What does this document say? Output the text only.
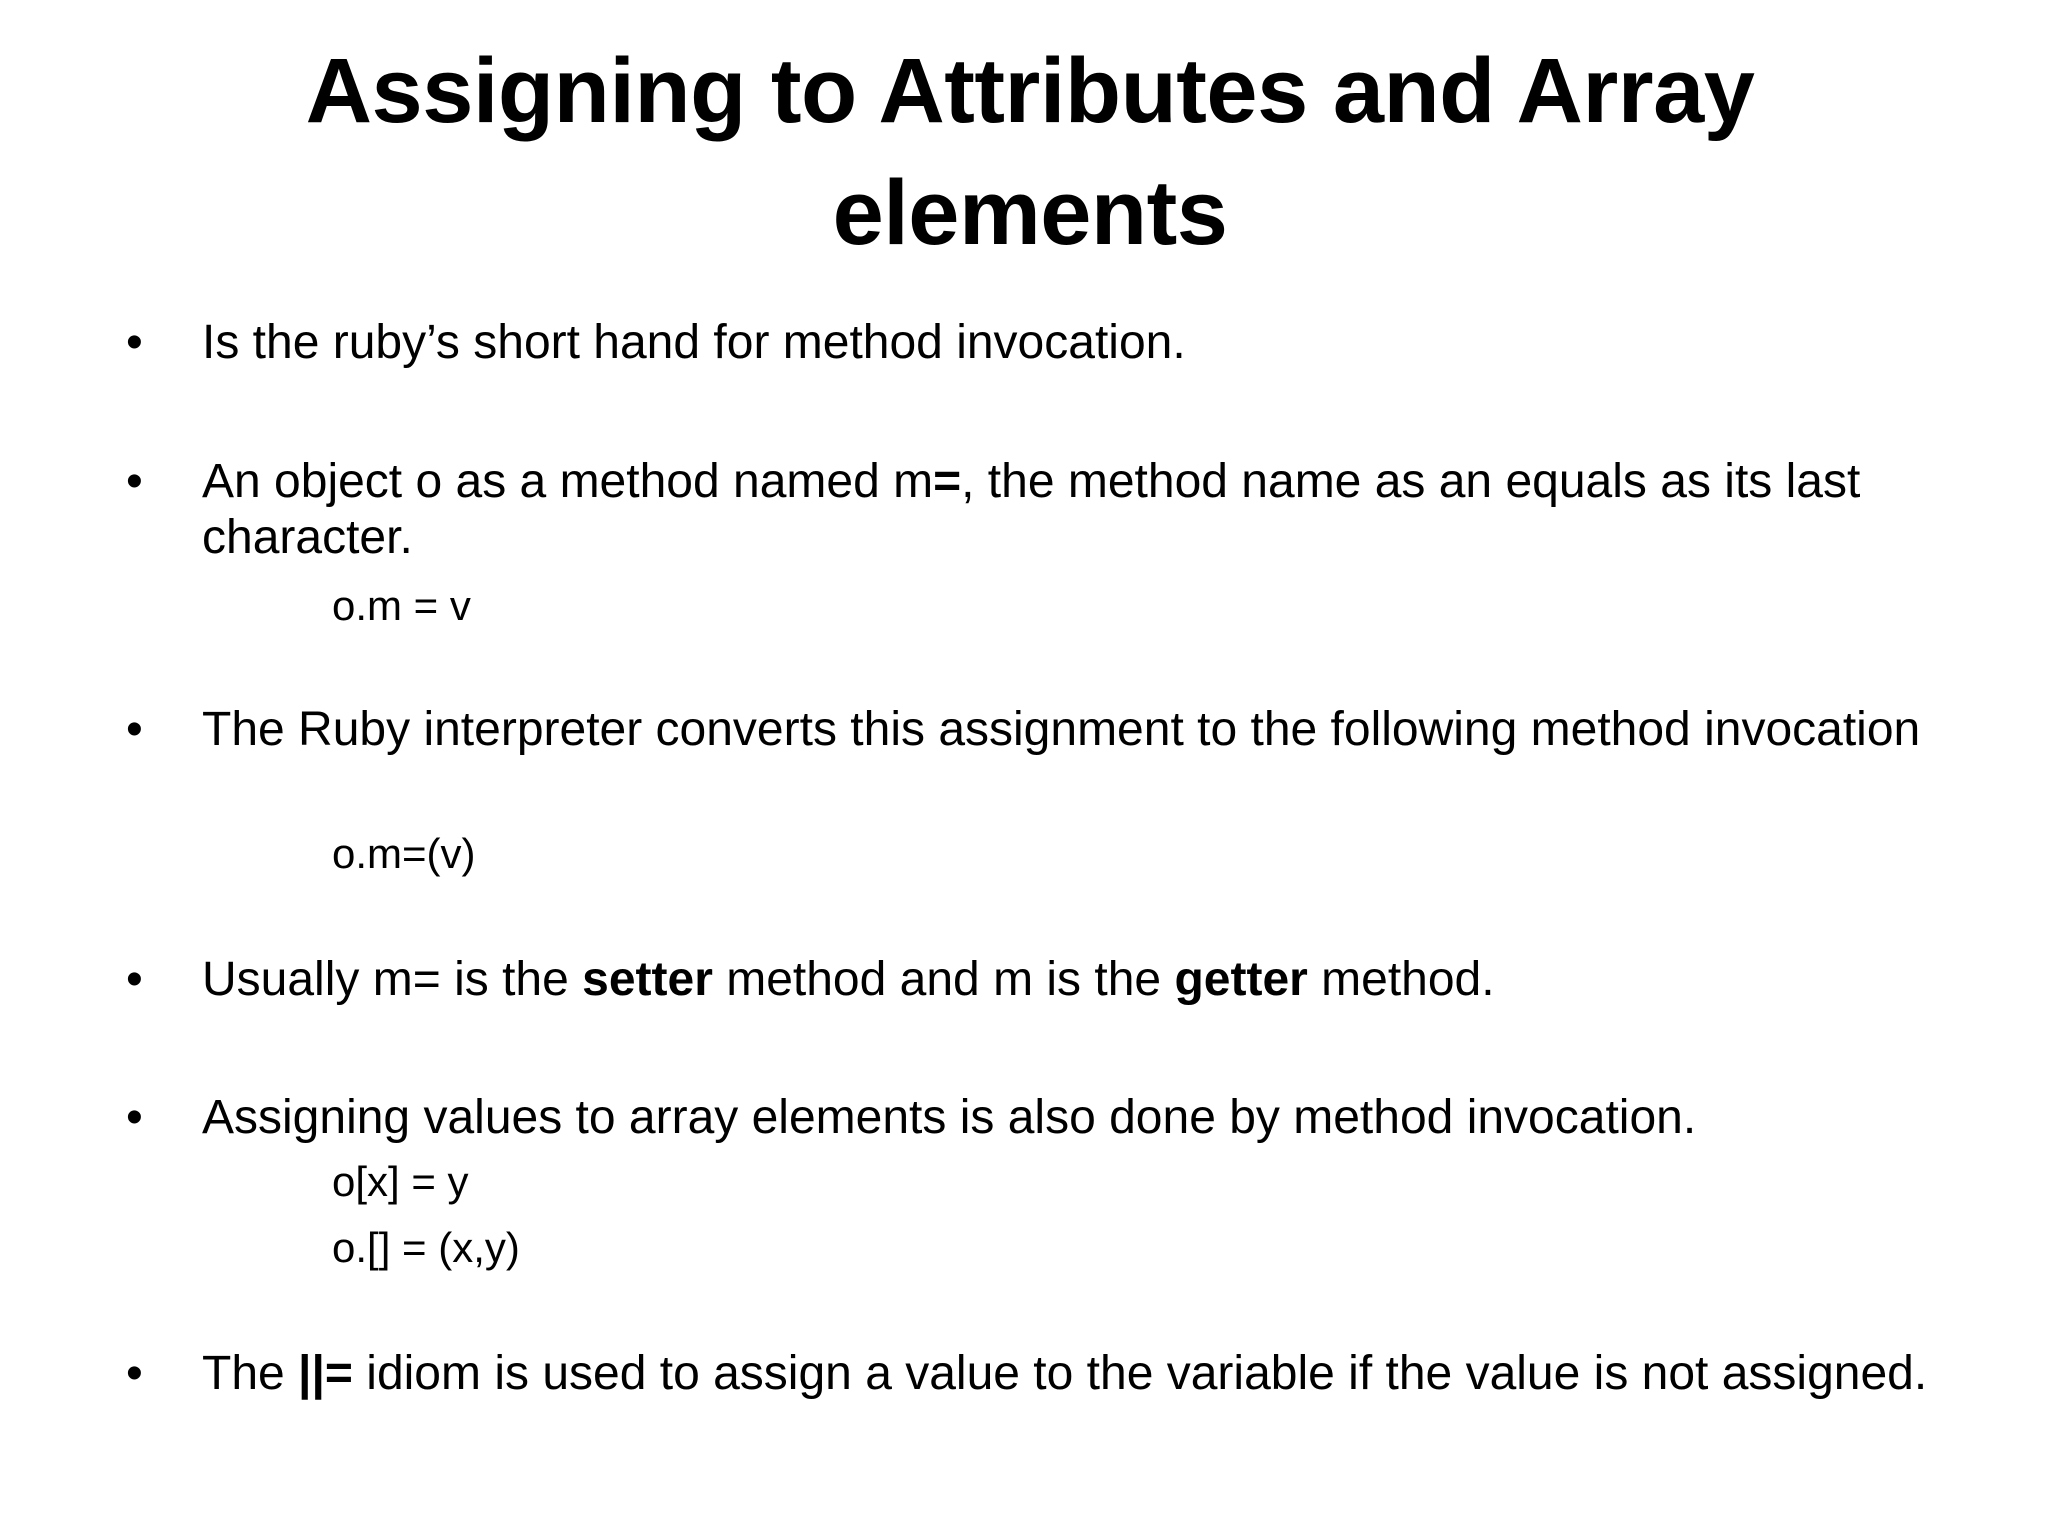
Assigning to Attributes and Array
elements
• Is the ruby’s short hand for method invocation.
• An object o as a method named m=, the method name as an equals as its last character.
o.m = v
• The Ruby interpreter converts this assignment to the following method invocation
o.m=(v)
• Usually m= is the setter method and m is the getter method.
• Assigning values to array elements is also done by method invocation.
o[x] = y
o.[] = (x,y)
• The ||= idiom is used to assign a value to the variable if the value is not assigned.
